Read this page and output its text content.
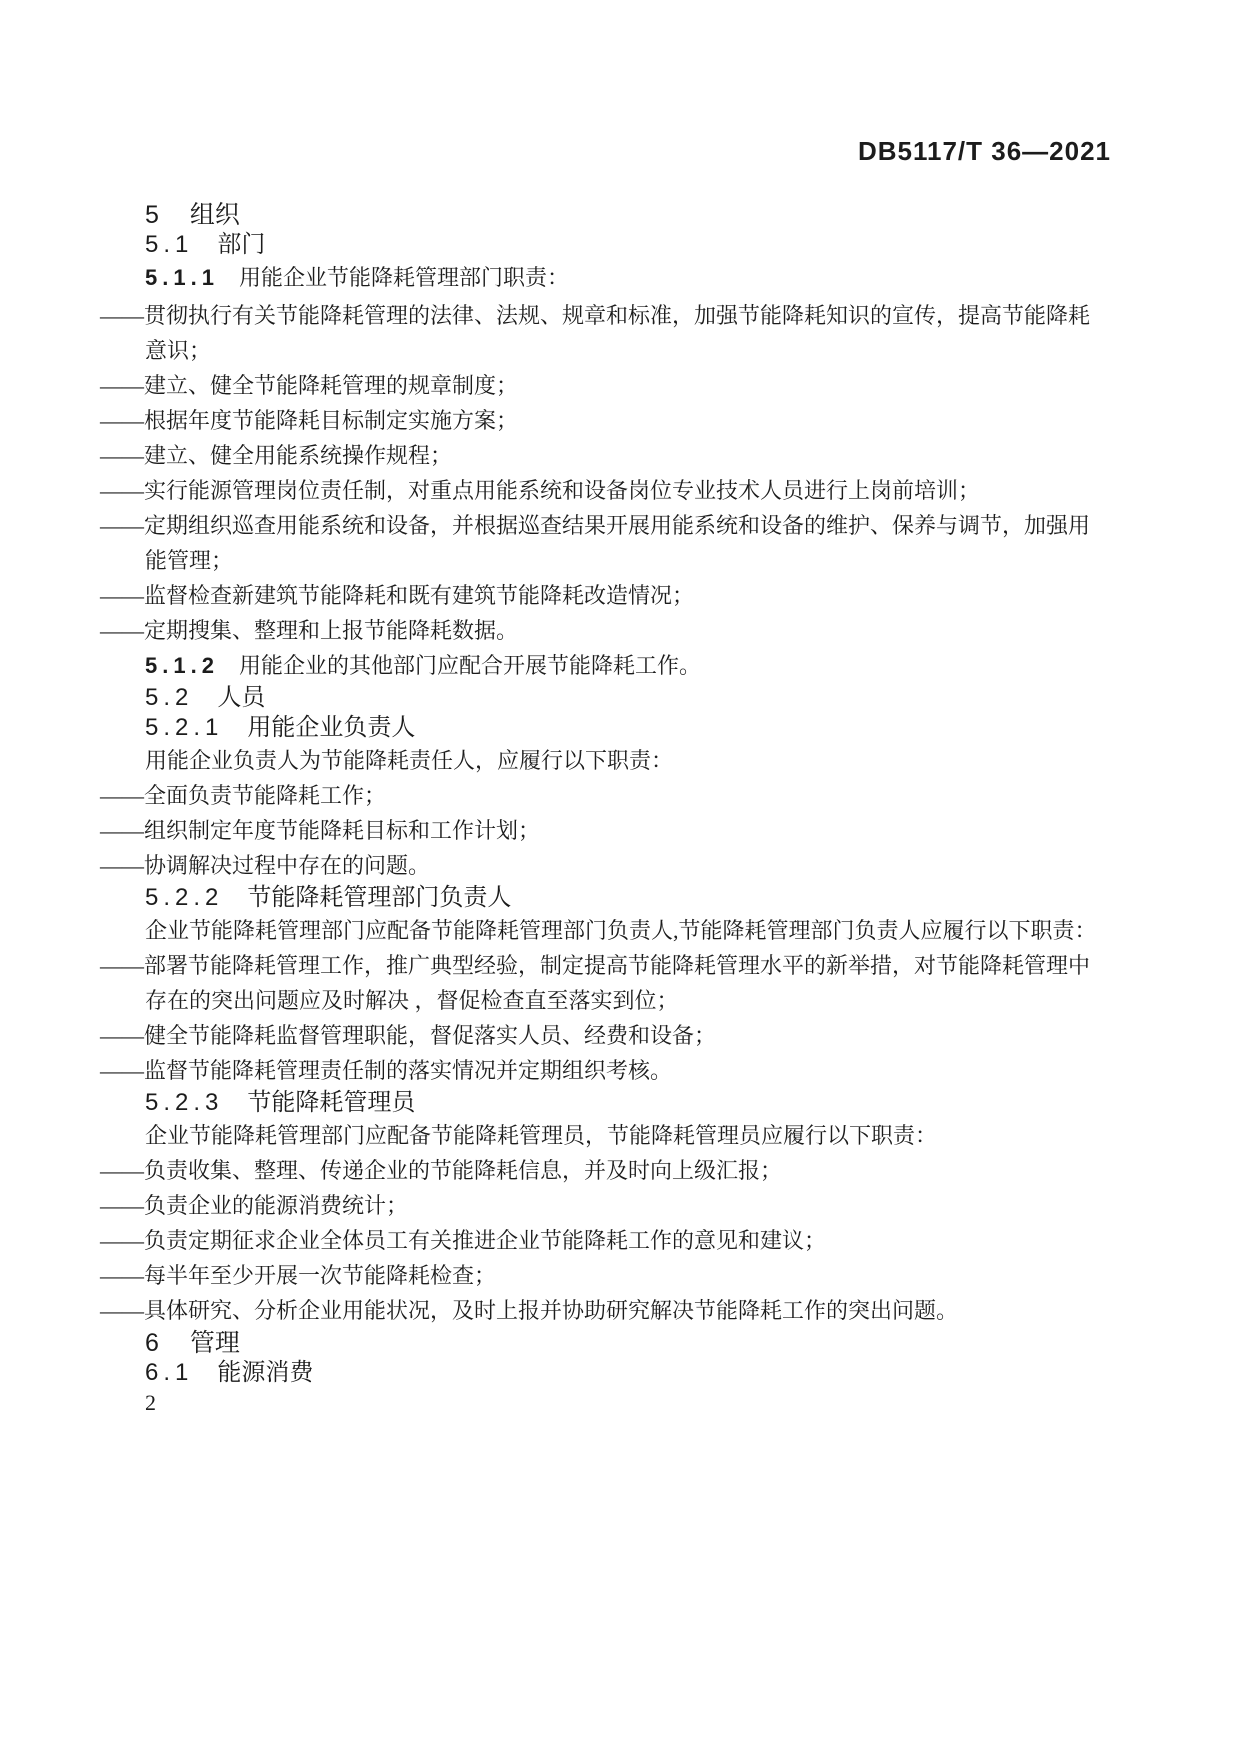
DB5117/T 36—2021
5 组织
5.1 部门

5.1.1 用能企业节能降耗管理部门职责：

——贯彻执行有关节能降耗管理的法律、法规、规章和标准，加强节能降耗知识的宣传，提高节能降耗意识；

——建立、健全节能降耗管理的规章制度；

——根据年度节能降耗目标制定实施方案；

——建立、健全用能系统操作规程；

——实行能源管理岗位责任制，对重点用能系统和设备岗位专业技术人员进行上岗前培训；

——定期组织巡查用能系统和设备，并根据巡查结果开展用能系统和设备的维护、保养与调节，加强用能管理；

——监督检查新建筑节能降耗和既有建筑节能降耗改造情况；

——定期搜集、整理和上报节能降耗数据。

5.1.2 用能企业的其他部门应配合开展节能降耗工作。

5.2 人员
5.2.1 用能企业负责人

用能企业负责人为节能降耗责任人，应履行以下职责：

——全面负责节能降耗工作；

——组织制定年度节能降耗目标和工作计划；

——协调解决过程中存在的问题。

5.2.2 节能降耗管理部门负责人

企业节能降耗管理部门应配备节能降耗管理部门负责人,节能降耗管理部门负责人应履行以下职责：

——部署节能降耗管理工作，推广典型经验，制定提高节能降耗管理水平的新举措，对节能降耗管理中存在的突出问题应及时解决 ，督促检查直至落实到位；

——健全节能降耗监督管理职能，督促落实人员、经费和设备；

——监督节能降耗管理责任制的落实情况并定期组织考核。

5.2.3 节能降耗管理员

企业节能降耗管理部门应配备节能降耗管理员，节能降耗管理员应履行以下职责：

——负责收集、整理、传递企业的节能降耗信息，并及时向上级汇报；

——负责企业的能源消费统计；

——负责定期征求企业全体员工有关推进企业节能降耗工作的意见和建议；

——每半年至少开展一次节能降耗检查；

——具体研究、分析企业用能状况，及时上报并协助研究解决节能降耗工作的突出问题。

6 管理
6.1 能源消费

2
